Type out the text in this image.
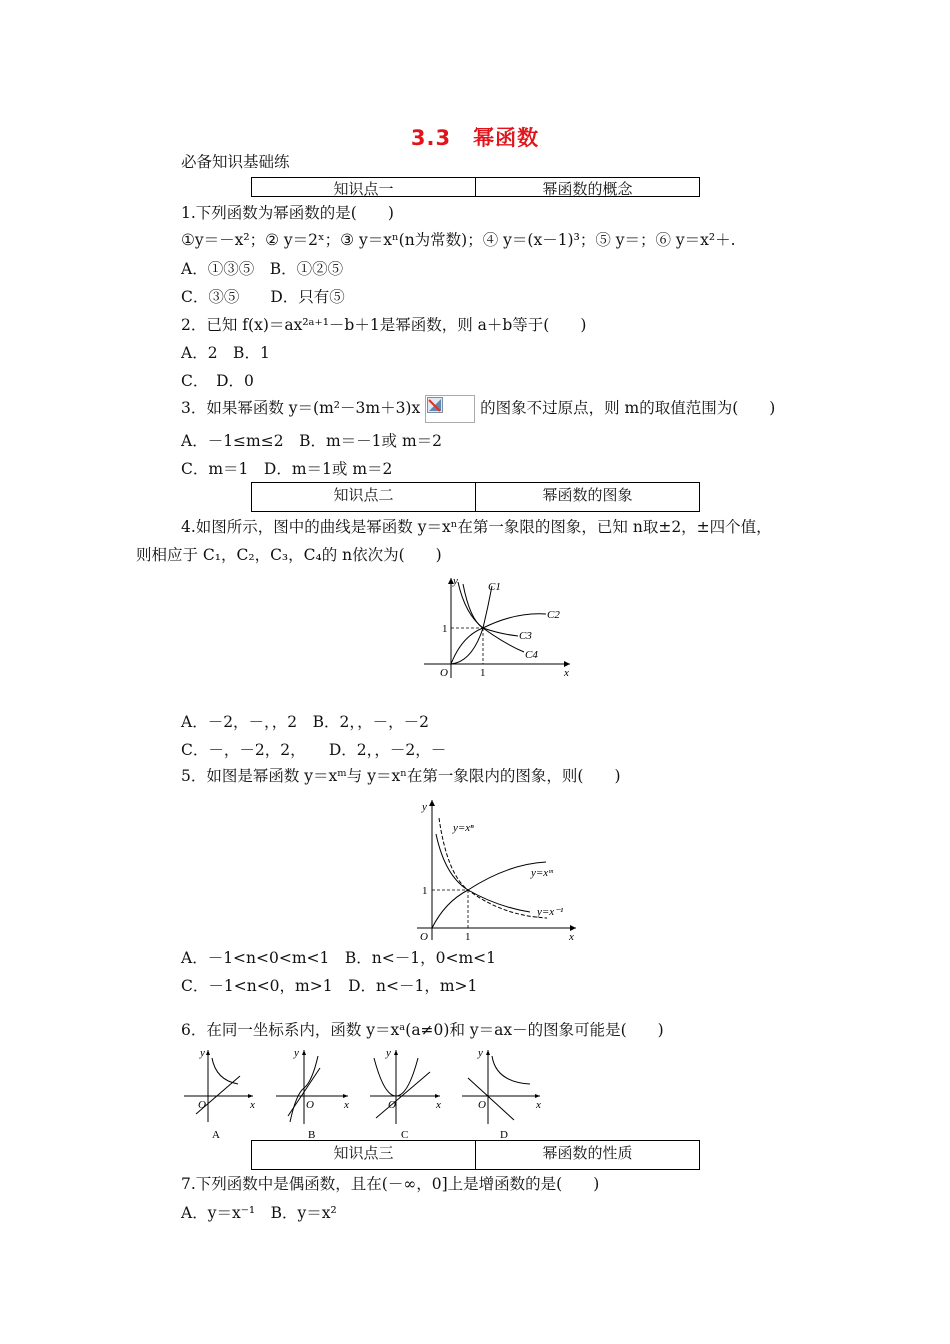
3.3　幂函数
必备知识基础练
知识点一	幂函数的概念
1.下列函数为幂函数的是(　　)
①y＝－x²；② y＝2ˣ；③ y＝xⁿ(n为常数)；④ y＝(x－1)³；⑤ y＝；⑥ y＝x²＋.
A．①③⑤　B．①②⑤
C．③⑤　　D．只有⑤
2．已知 f(x)＝ax²ᵃ⁺¹－b＋1是幂函数，则 a＋b等于(　　)
A．2　B．1
C．　D．0
3．如果幂函数 y＝(m²－3m＋3)x	的图象不过原点，则 m的取值范围为(　　)
A．－1≤m≤2　B．m＝－1或 m＝2
C．m＝1　D．m＝1或 m＝2
知识点二	幂函数的图象
4.如图所示，图中的曲线是幂函数 y＝xⁿ在第一象限的图象，已知 n取±2，±四个值，
则相应于 C₁，C₂，C₃，C₄的 n依次为(　　)
y
x
O
1
1
C1
C2
C3
C4
A．－2，－，，2　B．2，，－，－2
C．－，－2，2，　　D．2，，－2，－
5．如图是幂函数 y＝xᵐ与 y＝xⁿ在第一象限内的图象，则(　　)
y
x
O
1
1
y=xⁿ
y=xᵐ
y=x⁻¹
A．－1<n<0<m<1　B．n<－1，0<m<1
C．－1<n<0，m>1　D．n<－1，m>1
6．在同一坐标系内，函数 y＝xᵃ(a≠0)和 y＝ax－的图象可能是(　　)
y
x
O
A
y
x
O
B
y
x
O
C
y
x
O
D
知识点三	幂函数的性质
7.下列函数中是偶函数，且在(－∞，0]上是增函数的是(　　)
A．y＝x⁻¹　B．y＝x²
